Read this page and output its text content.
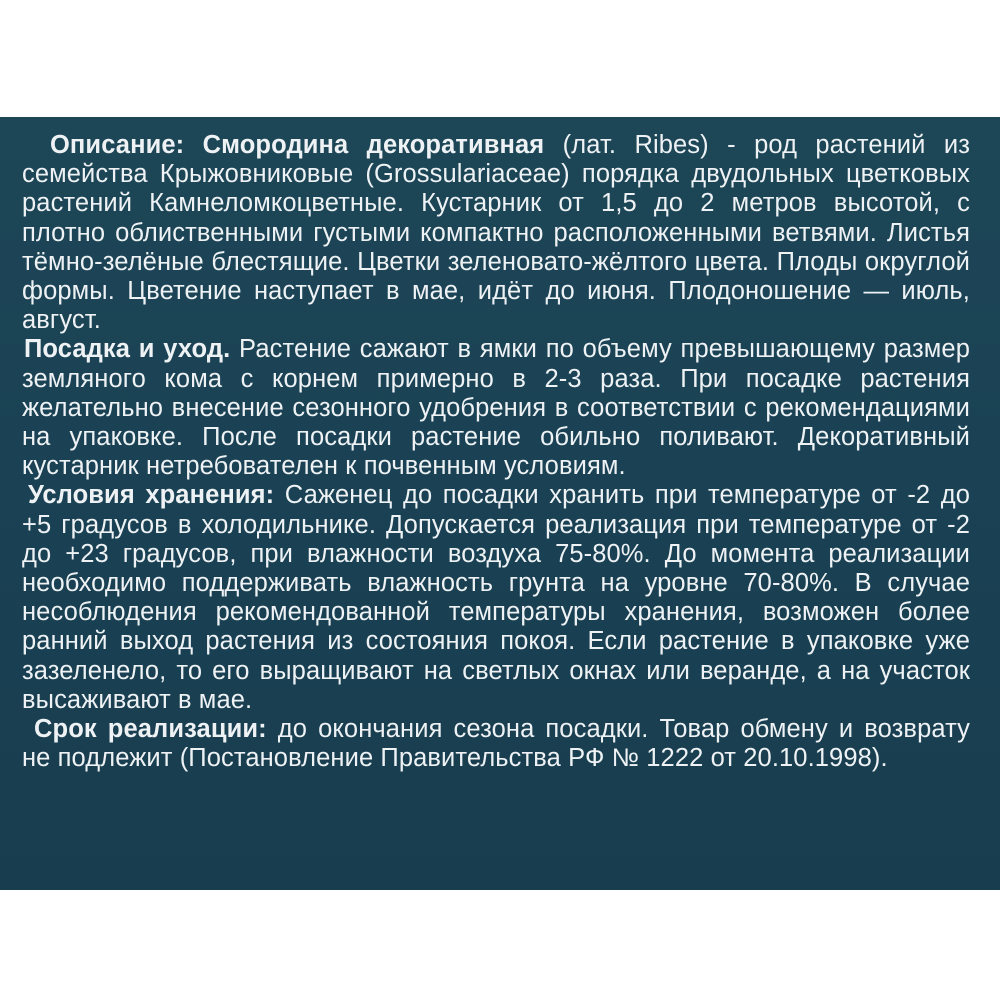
Описание: Смородина декоративная (лат. Ribes) - род растений из семейства Крыжовниковые (Grossulariaceae) порядка двудольных цветковых растений Камнеломкоцветные. Кустарник от 1,5 до 2 метров высотой, с плотно облиственными густыми компактно расположенными ветвями. Листья тёмно-зелёные блестящие. Цветки зеленовато-жёлтого цвета. Плоды округлой формы. Цветение наступает в мае, идёт до июня. Плодоношение — июль, август.

Посадка и уход. Растение сажают в ямки по объему превышающему размер земляного кома с корнем примерно в 2-3 раза. При посадке растения желательно внесение сезонного удобрения в соответствии с рекомендациями на упаковке. После посадки растение обильно поливают. Декоративный кустарник нетребователен к почвенным условиям.

Условия хранения: Саженец до посадки хранить при температуре от -2 до +5 градусов в холодильнике. Допускается реализация при температуре от -2 до +23 градусов, при влажности воздуха 75-80%. До момента реализации необходимо поддерживать влажность грунта на уровне 70-80%. В случае несоблюдения рекомендованной температуры хранения, возможен более ранний выход растения из состояния покоя. Если растение в упаковке уже зазеленело, то его выращивают на светлых окнах или веранде, а на участок высаживают в мае.

Срок реализации: до окончания сезона посадки. Товар обмену и возврату не подлежит (Постановление Правительства РФ № 1222 от 20.10.1998).
